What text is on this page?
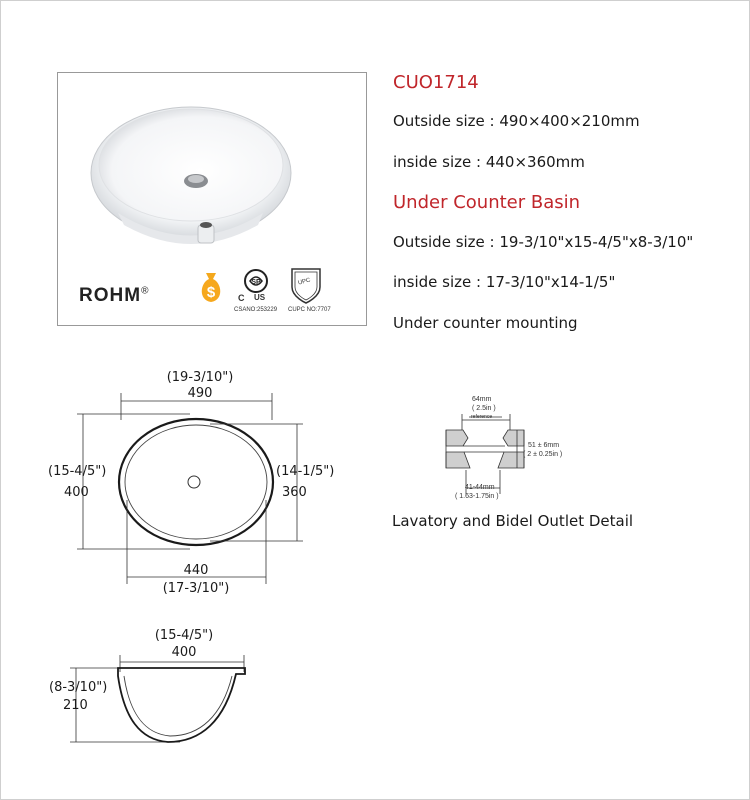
ROHM®	$
SP
C US
CSANO:253229
UPC
CUPC NO:7707
CUO1714
Outside size : 490×400×210mm
inside size : 440×360mm
Under Counter Basin
Outside size : 19-3/10"x15-4/5"x8-3/10"
inside size : 17-3/10"x14-1/5"
Under counter mounting
(19-3/10")
490
(15-4/5")
400
(14-1/5")
360
440
(17-3/10")
(15-4/5")
400
(8-3/10")
210
64mm
( 2.5in )
reference
51 ± 6mm
( 2 ± 0.25in )
41-44mm
( 1.63-1.75in )
Lavatory and Bidel Outlet Detail
